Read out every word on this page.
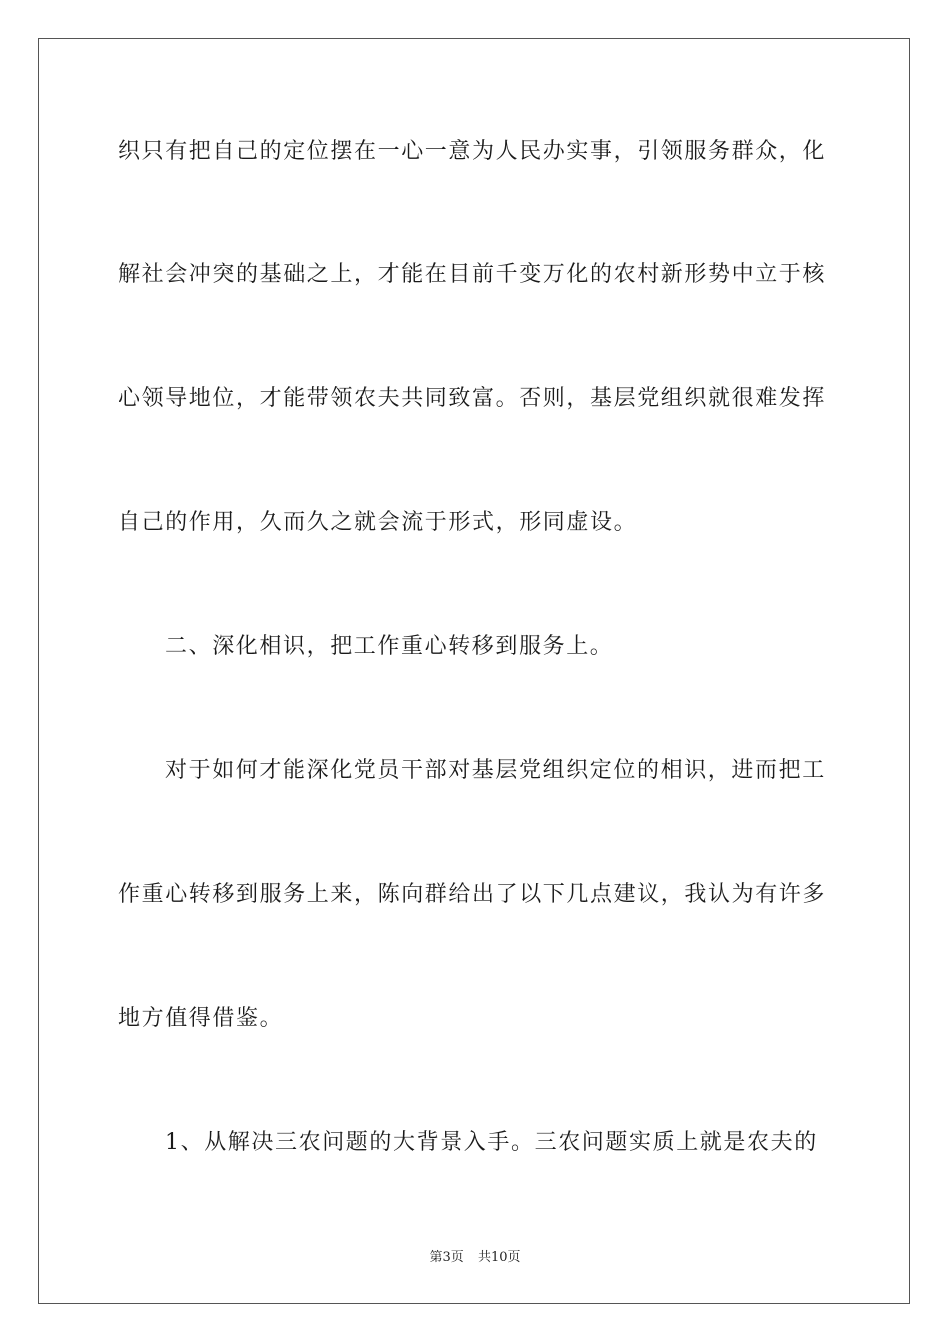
织只有把自己的定位摆在一心一意为人民办实事，引领服务群众，化
解社会冲突的基础之上，才能在目前千变万化的农村新形势中立于核
心领导地位，才能带领农夫共同致富。否则，基层党组织就很难发挥
自己的作用，久而久之就会流于形式，形同虚设。
二、深化相识，把工作重心转移到服务上。
对于如何才能深化党员干部对基层党组织定位的相识，进而把工
作重心转移到服务上来，陈向群给出了以下几点建议，我认为有许多
地方值得借鉴。
1、从解决三农问题的大背景入手。三农问题实质上就是农夫的
第3页 共10页
